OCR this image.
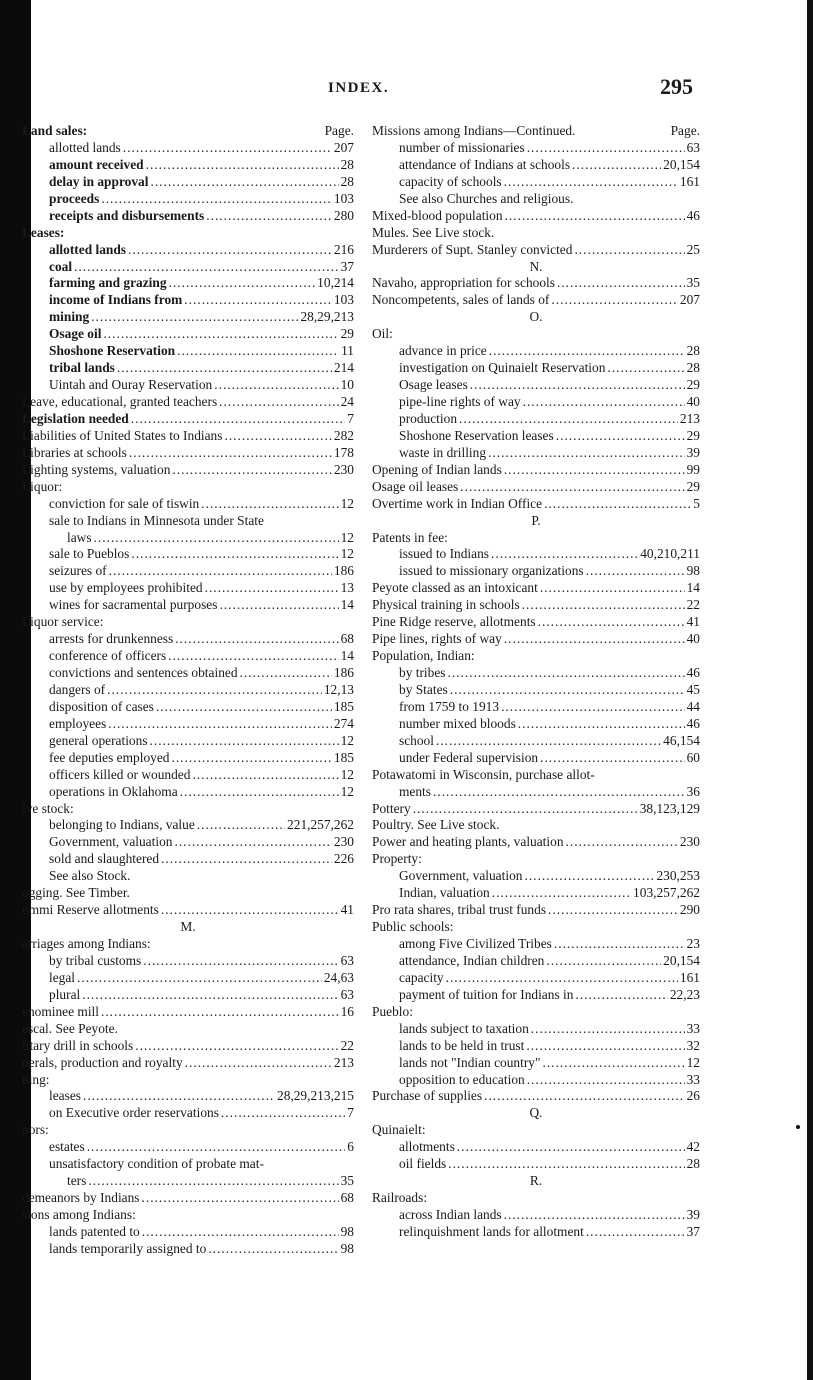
INDEX.	295
Land sales:	Page.
allotted lands .....	207
amount received .....	28
delay in approval .....	28
proceeds .....	103
receipts and disbursements .....	280
Leases:
allotted lands .....	216
coal .....	37
farming and grazing .....	10,214
income of Indians from .....	103
mining .....	28,29,213
Osage oil .....	29
Shoshone Reservation .....	11
tribal lands .....	214
Uintah and Ouray Reservation .....	10
Leave, educational, granted teachers .....	24
Legislation needed .....	7
Liabilities of United States to Indians .....	282
Libraries at schools .....	178
Lighting systems, valuation .....	230
Liquor:
conviction for sale of tiswin .....	12
sale to Indians in Minnesota under State
laws .....	12
sale to Pueblos .....	12
seizures of .....	186
use by employees prohibited .....	13
wines for sacramental purposes .....	14
Liquor service:
arrests for drunkenness .....	68
conference of officers .....	14
convictions and sentences obtained .....	186
dangers of .....	12,13
disposition of cases .....	185
employees .....	274
general operations .....	12
fee deputies employed .....	185
officers killed or wounded .....	12
operations in Oklahoma .....	12
ive stock:
belonging to Indians, value .....	221,257,262
Government, valuation .....	230
sold and slaughtered .....	226
See also Stock.
ogging. See Timber.
ummi Reserve allotments .....	41
M.
arriages among Indians:
by tribal customs .....	63
legal .....	24,63
plural .....	63
enominee mill .....	16
escal. See Peyote.
litary drill in schools .....	22
nerals, production and royalty .....	213
ning:
leases .....	28,29,213,215
on Executive order reservations .....	7
nors:
estates .....	6
unsatisfactory condition of probate mat-
ters .....	35
demeanors by Indians .....	68
sions among Indians:
lands patented to .....	98
lands temporarily assigned to .....	98
Missions among Indians—Continued.	Page.
number of missionaries .....	63
attendance of Indians at schools .....	20,154
capacity of schools .....	161
See also Churches and religious.
Mixed-blood population .....	46
Mules. See Live stock.
Murderers of Supt. Stanley convicted .....	25
N.
Navaho, appropriation for schools .....	35
Noncompetents, sales of lands of .....	207
O.
Oil:
advance in price .....	28
investigation on Quinaielt Reservation .....	28
Osage leases .....	29
pipe-line rights of way .....	40
production .....	213
Shoshone Reservation leases .....	29
waste in drilling .....	39
Opening of Indian lands .....	99
Osage oil leases .....	29
Overtime work in Indian Office .....	5
P.
Patents in fee:
issued to Indians .....	40,210,211
issued to missionary organizations .....	98
Peyote classed as an intoxicant .....	14
Physical training in schools .....	22
Pine Ridge reserve, allotments .....	41
Pipe lines, rights of way .....	40
Population, Indian:
by tribes .....	46
by States .....	45
from 1759 to 1913 .....	44
number mixed bloods .....	46
school .....	46,154
under Federal supervision .....	60
Potawatomi in Wisconsin, purchase allot-
ments .....	36
Pottery .....	38,123,129
Poultry. See Live stock.
Power and heating plants, valuation .....	230
Property:
Government, valuation .....	230,253
Indian, valuation .....	103,257,262
Pro rata shares, tribal trust funds .....	290
Public schools:
among Five Civilized Tribes .....	23
attendance, Indian children .....	20,154
capacity .....	161
payment of tuition for Indians in .....	22,23
Pueblo:
lands subject to taxation .....	33
lands to be held in trust .....	32
lands not "Indian country" .....	12
opposition to education .....	33
Purchase of supplies .....	26
Q.
Quinaielt:
allotments .....	42
oil fields .....	28
R.
Railroads:
across Indian lands .....	39
relinquishment lands for allotment .....	37
